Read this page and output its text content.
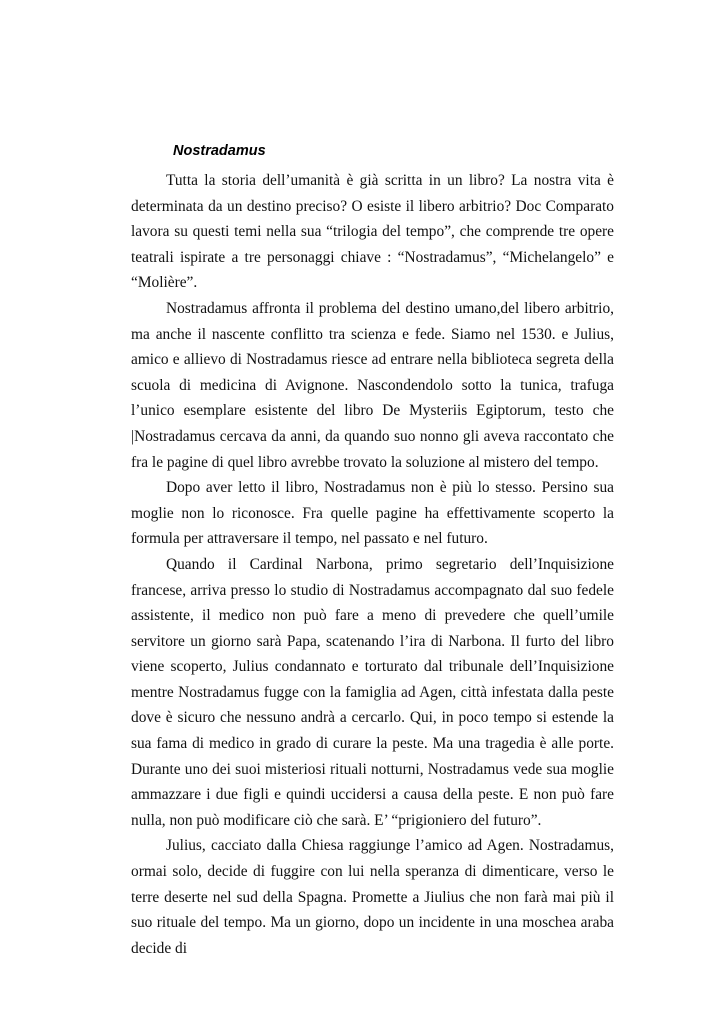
Nostradamus

Tutta la storia dell’umanità è già scritta in un libro? La nostra vita è determinata da un destino preciso? O esiste il libero arbitrio? Doc Comparato lavora su questi temi nella sua “trilogia del tempo”, che comprende tre opere teatrali ispirate a tre personaggi chiave : “Nostradamus”, “Michelangelo” e “Molière”.

Nostradamus affronta il problema del destino umano,del libero arbitrio, ma anche il nascente conflitto tra scienza e fede. Siamo nel 1530. e Julius, amico e allievo di Nostradamus riesce ad entrare nella biblioteca segreta della scuola di medicina di Avignone. Nascondendolo sotto la tunica, trafuga l’unico esemplare esistente del libro De Mysteriis Egiptorum, testo che |Nostradamus cercava da anni, da quando suo nonno gli aveva raccontato che fra le pagine di quel libro avrebbe trovato la soluzione al mistero del tempo.

Dopo aver letto il libro, Nostradamus non è più lo stesso. Persino sua moglie non lo riconosce. Fra quelle pagine ha effettivamente scoperto la formula per attraversare il tempo, nel passato e nel futuro.

Quando il Cardinal Narbona, primo segretario dell’Inquisizione francese, arriva presso lo studio di Nostradamus accompagnato dal suo fedele assistente, il medico non può fare a meno di prevedere che quell’umile servitore un giorno sarà Papa, scatenando l’ira di Narbona. Il furto del libro viene scoperto, Julius condannato e torturato dal tribunale dell’Inquisizione mentre Nostradamus fugge con la famiglia ad Agen, città infestata dalla peste dove è sicuro che nessuno andrà a cercarlo. Qui, in poco tempo si estende la sua fama di medico in grado di curare la peste. Ma una tragedia è alle porte. Durante uno dei suoi misteriosi rituali notturni, Nostradamus vede sua moglie ammazzare i due figli e quindi uccidersi a causa della peste. E non può fare nulla, non può modificare ciò che sarà. E’ “prigioniero del futuro”.

Julius, cacciato dalla Chiesa raggiunge l’amico ad Agen. Nostradamus, ormai solo, decide di fuggire con lui nella speranza di dimenticare, verso le terre deserte nel sud della Spagna. Promette a Jiulius che non farà mai più il suo rituale del tempo. Ma un giorno, dopo un incidente in una moschea araba decide di
